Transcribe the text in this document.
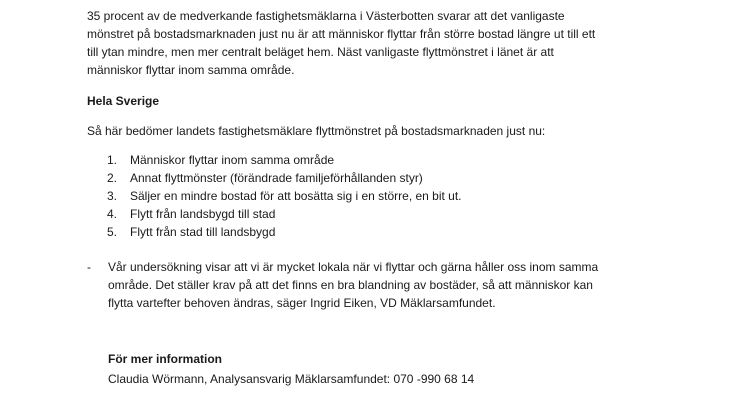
35 procent av de medverkande fastighetsmäklarna i Västerbotten svarar att det vanligaste
mönstret på bostadsmarknaden just nu är att människor flyttar från större bostad längre ut till ett
till ytan mindre, men mer centralt beläget hem. Näst vanligaste flyttmönstret i länet är att
människor flyttar inom samma område.
Hela Sverige
Så här bedömer landets fastighetsmäklare flyttmönstret på bostadsmarknaden just nu:
1. Människor flyttar inom samma område
2. Annat flyttmönster (förändrade familjeförhållanden styr)
3. Säljer en mindre bostad för att bosätta sig i en större, en bit ut.
4. Flytt från landsbygd till stad
5. Flytt från stad till landsbygd
- Vår undersökning visar att vi är mycket lokala när vi flyttar och gärna håller oss inom samma
område. Det ställer krav på att det finns en bra blandning av bostäder, så att människor kan
flytta vartefter behoven ändras, säger Ingrid Eiken, VD Mäklarsamfundet.
För mer information
Claudia Wörmann, Analysansvarig Mäklarsamfundet: 070 -990 68 14
